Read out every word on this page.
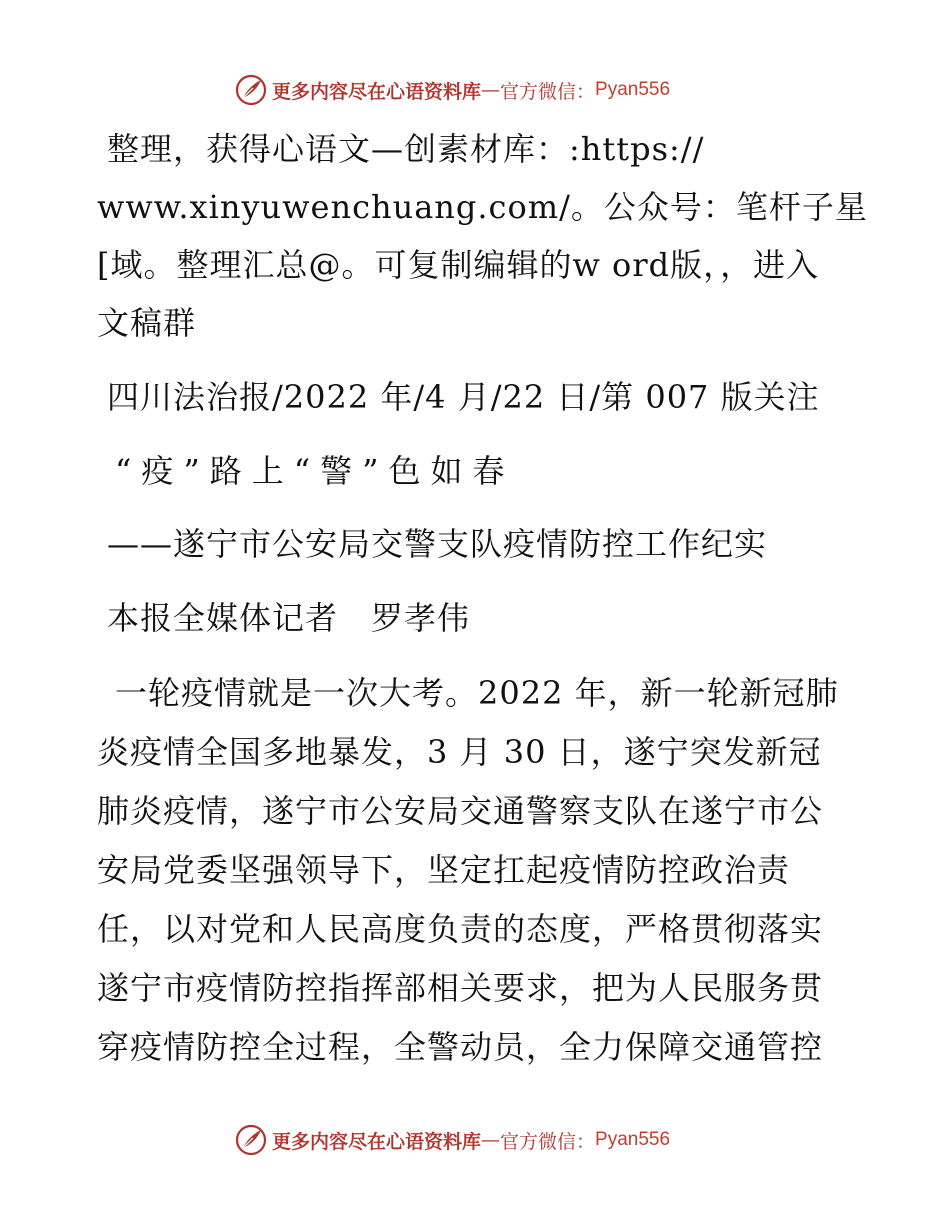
更多内容尽在心语资料库 — 官方微信： Pyan556
整理，获得心语文—创素材库：:https://
www.xinyuwenchuang.com/。公众号：笔杆子星
[域。整理汇总@。可复制编辑的w ord版，，进入
文稿群
四川法治报/2022 年/4 月/22 日/第 007 版关注
“疫”路上“警”色如春
——遂宁市公安局交警支队疫情防控工作纪实
本报全媒体记者　罗孝伟
一轮疫情就是一次大考。2022 年，新一轮新冠肺
炎疫情全国多地暴发，3 月 30 日，遂宁突发新冠
肺炎疫情，遂宁市公安局交通警察支队在遂宁市公
安局党委坚强领导下，坚定扛起疫情防控政治责
任，以对党和人民高度负责的态度，严格贯彻落实
遂宁市疫情防控指挥部相关要求，把为人民服务贯
穿疫情防控全过程，全警动员，全力保障交通管控
更多内容尽在心语资料库 — 官方微信： Pyan556
